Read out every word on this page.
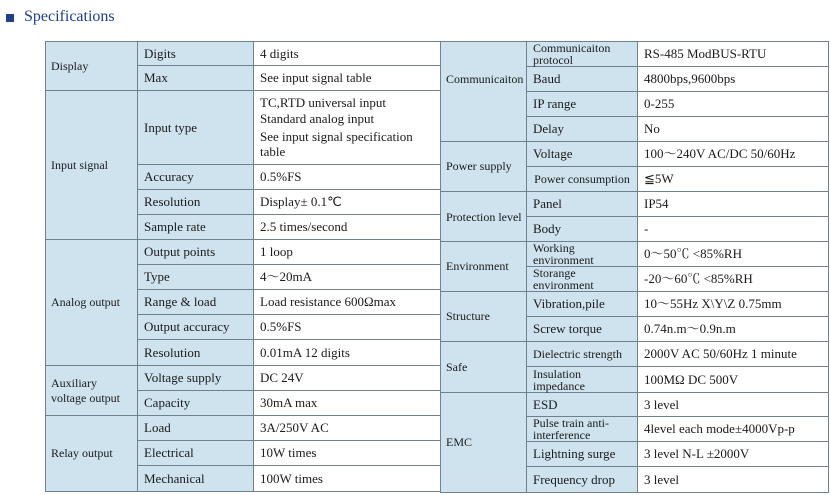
Specifications
Display	Digits	4 digits
	Max	See input signal table
Input signal	Input type	TC,RTD universal input
Standard analog input
See input signal specification table

	Accuracy	0.5%FS
	Resolution	Display± 0.1℃
	Sample rate	2.5 times/second
Analog output	Output points	1 loop
	Type	4～20mA
	Range & load	Load resistance 600Ωmax
	Output accuracy	0.5%FS
	Resolution	0.01mA 12 digits
Auxiliary voltage output	Voltage supply	DC 24V
	Capacity	30mA max
Relay output	Load	3A/250V AC
	Electrical	10W times
	Mechanical	100W times
Communicaiton	Communicaiton protocol	RS-485 ModBUS-RTU
	Baud	4800bps,9600bps
	IP range	0-255
	Delay	No
Power supply	Voltage	100～240V AC/DC 50/60Hz

	Power consumption	≦5W

Protection level	Panel	IP54
	Body	-
Environment	Working environment	0～50℃ <85%RH

	Storange environment	-20～60℃ <85%RH
Structure	Vibration,pile	10～55Hz X\Y\Z 0.75mm
	Screw torque	0.74n.m～0.9n.m
Safe	Dielectric strength	2000V AC 50/60Hz 1 minute

	Insulation impedance	100MΩ DC 500V
EMC	ESD	3 level

	Pulse train anti-interference	4level each mode±4000Vp-p
	Lightning surge	3 level N-L ±2000V
	Frequency drop	3 level
